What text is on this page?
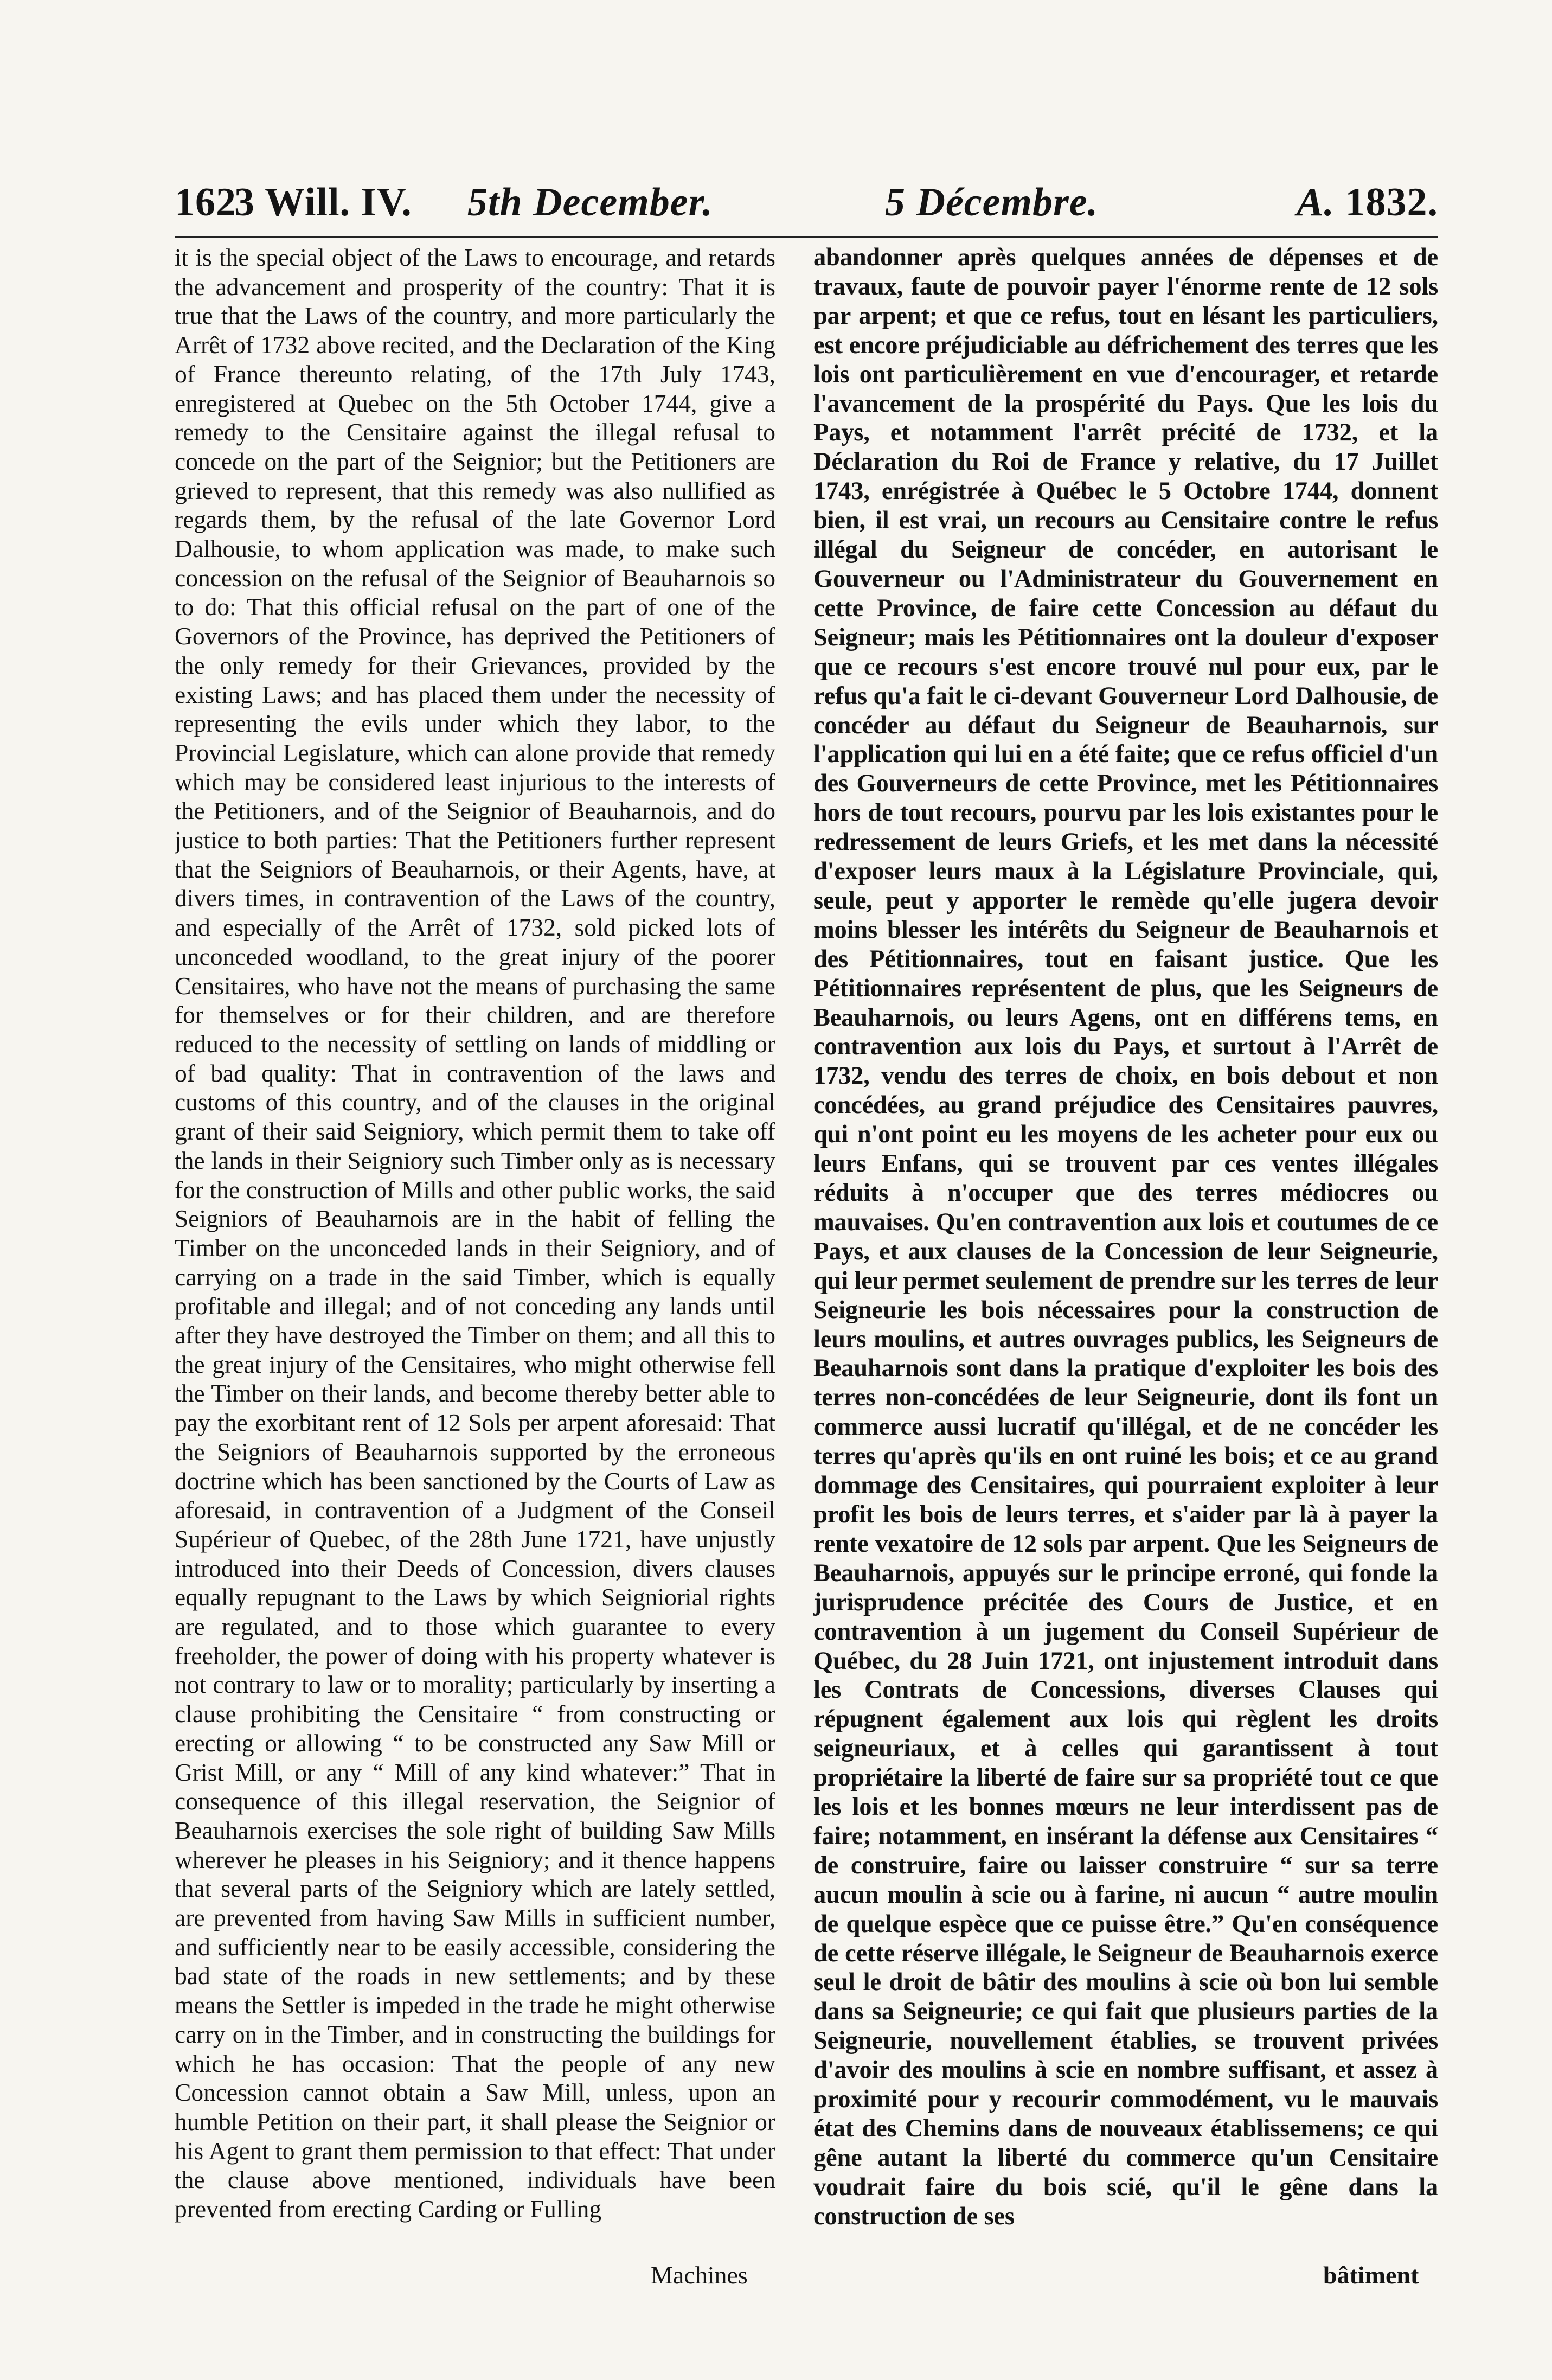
162
3 Will. IV. 5th December.	5 Décembre.	A. 1832.

it is the special object of the Laws to encourage, and retards the advancement and prosperity of the country: That it is true that the Laws of the country, and more particularly the Arrêt of 1732 above recited, and the Declaration of the King of France thereunto relating, of the 17th July 1743, enregistered at Quebec on the 5th October 1744, give a remedy to the Censitaire against the illegal refusal to concede on the part of the Seignior; but the Petitioners are grieved to represent, that this remedy was also nullified as regards them, by the refusal of the late Governor Lord Dalhousie, to whom application was made, to make such concession on the refusal of the Seignior of Beauharnois so to do: That this official refusal on the part of one of the Governors of the Province, has deprived the Petitioners of the only remedy for their Grievances, provided by the existing Laws; and has placed them under the necessity of representing the evils under which they labor, to the Provincial Legislature, which can alone provide that remedy which may be considered least injurious to the interests of the Petitioners, and of the Seignior of Beauharnois, and do justice to both parties: That the Petitioners further represent that the Seigniors of Beauharnois, or their Agents, have, at divers times, in contravention of the Laws of the country, and especially of the Arrêt of 1732, sold picked lots of unconceded woodland, to the great injury of the poorer Censitaires, who have not the means of purchasing the same for themselves or for their children, and are therefore reduced to the necessity of settling on lands of middling or of bad quality: That in contravention of the laws and customs of this country, and of the clauses in the original grant of their said Seigniory, which permit them to take off the lands in their Seigniory such Timber only as is necessary for the construction of Mills and other public works, the said Seigniors of Beauharnois are in the habit of felling the Timber on the unconceded lands in their Seigniory, and of carrying on a trade in the said Timber, which is equally profitable and illegal; and of not conceding any lands until after they have destroyed the Timber on them; and all this to the great injury of the Censitaires, who might otherwise fell the Timber on their lands, and become thereby better able to pay the exorbitant rent of 12 Sols per arpent aforesaid: That the Seigniors of Beauharnois supported by the erroneous doctrine which has been sanctioned by the Courts of Law as aforesaid, in contravention of a Judgment of the Conseil Supérieur of Quebec, of the 28th June 1721, have unjustly introduced into their Deeds of Concession, divers clauses equally repugnant to the Laws by which Seigniorial rights are regulated, and to those which guarantee to every freeholder, the power of doing with his property whatever is not contrary to law or to morality; particularly by inserting a clause prohibiting the Censitaire “ from constructing or erecting or allowing “ to be constructed any Saw Mill or Grist Mill, or any “ Mill of any kind whatever:” That in consequence of this illegal reservation, the Seignior of Beauharnois exercises the sole right of building Saw Mills wherever he pleases in his Seigniory; and it thence happens that several parts of the Seigniory which are lately settled, are prevented from having Saw Mills in sufficient number, and sufficiently near to be easily accessible, considering the bad state of the roads in new settlements; and by these means the Settler is impeded in the trade he might otherwise carry on in the Timber, and in constructing the buildings for which he has occasion: That the people of any new Concession cannot obtain a Saw Mill, unless, upon an humble Petition on their part, it shall please the Seignior or his Agent to grant them permission to that effect: That under the clause above mentioned, individuals have been prevented from erecting Carding or Fulling

abandonner après quelques années de dépenses et de travaux, faute de pouvoir payer l'énorme rente de 12 sols par arpent; et que ce refus, tout en lésant les particuliers, est encore préjudiciable au défrichement des terres que les lois ont particulièrement en vue d'encourager, et retarde l'avancement de la prospérité du Pays. Que les lois du Pays, et notamment l'arrêt précité de 1732, et la Déclaration du Roi de France y relative, du 17 Juillet 1743, enrégistrée à Québec le 5 Octobre 1744, donnent bien, il est vrai, un recours au Censitaire contre le refus illégal du Seigneur de concéder, en autorisant le Gouverneur ou l'Administrateur du Gouvernement en cette Province, de faire cette Concession au défaut du Seigneur; mais les Pétitionnaires ont la douleur d'exposer que ce recours s'est encore trouvé nul pour eux, par le refus qu'a fait le ci-devant Gouverneur Lord Dalhousie, de concéder au défaut du Seigneur de Beauharnois, sur l'application qui lui en a été faite; que ce refus officiel d'un des Gouverneurs de cette Province, met les Pétitionnaires hors de tout recours, pourvu par les lois existantes pour le redressement de leurs Griefs, et les met dans la nécessité d'exposer leurs maux à la Législature Provinciale, qui, seule, peut y apporter le remède qu'elle jugera devoir moins blesser les intérêts du Seigneur de Beauharnois et des Pétitionnaires, tout en faisant justice. Que les Pétitionnaires représentent de plus, que les Seigneurs de Beauharnois, ou leurs Agens, ont en différens tems, en contravention aux lois du Pays, et surtout à l'Arrêt de 1732, vendu des terres de choix, en bois debout et non concédées, au grand préjudice des Censitaires pauvres, qui n'ont point eu les moyens de les acheter pour eux ou leurs Enfans, qui se trouvent par ces ventes illégales réduits à n'occuper que des terres médiocres ou mauvaises. Qu'en contravention aux lois et coutumes de ce Pays, et aux clauses de la Concession de leur Seigneurie, qui leur permet seulement de prendre sur les terres de leur Seigneurie les bois nécessaires pour la construction de leurs moulins, et autres ouvrages publics, les Seigneurs de Beauharnois sont dans la pratique d'exploiter les bois des terres non-concédées de leur Seigneurie, dont ils font un commerce aussi lucratif qu'illégal, et de ne concéder les terres qu'après qu'ils en ont ruiné les bois; et ce au grand dommage des Censitaires, qui pourraient exploiter à leur profit les bois de leurs terres, et s'aider par là à payer la rente vexatoire de 12 sols par arpent. Que les Seigneurs de Beauharnois, appuyés sur le principe erroné, qui fonde la jurisprudence précitée des Cours de Justice, et en contravention à un jugement du Conseil Supérieur de Québec, du 28 Juin 1721, ont injustement introduit dans les Contrats de Concessions, diverses Clauses qui répugnent également aux lois qui règlent les droits seigneuriaux, et à celles qui garantissent à tout propriétaire la liberté de faire sur sa propriété tout ce que les lois et les bonnes mœurs ne leur interdissent pas de faire; notamment, en insérant la défense aux Censitaires “ de construire, faire ou laisser construire “ sur sa terre aucun moulin à scie ou à farine, ni aucun “ autre moulin de quelque espèce que ce puisse être.” Qu'en conséquence de cette réserve illégale, le Seigneur de Beauharnois exerce seul le droit de bâtir des moulins à scie où bon lui semble dans sa Seigneurie; ce qui fait que plusieurs parties de la Seigneurie, nouvellement établies, se trouvent privées d'avoir des moulins à scie en nombre suffisant, et assez à proximité pour y recourir commodément, vu le mauvais état des Chemins dans de nouveaux établissemens; ce qui gêne autant la liberté du commerce qu'un Censitaire voudrait faire du bois scié, qu'il le gêne dans la construction de ses

Machines	bâtiment
